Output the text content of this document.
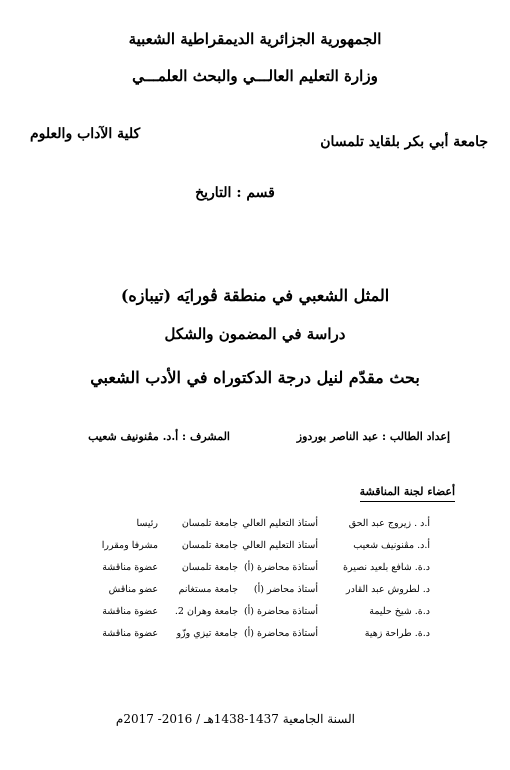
الجمهورية الجزائرية الديمقراطية الشعبية
وزارة التعليم العالـــي والبحث العلمـــي
جامعة أبي بكر بلقايد تلمسان
كلية الآداب والعلوم
قسم : التاريخ
المثل الشعبي في منطقة ڤورايَه (تيبازه)
دراسة في المضمون والشكل
بحث مقدّم لنيل درجة الدكتوراه في الأدب الشعبي
إعداد الطالب : عبد الناصر بوردوز
المشرف : أ.د. مڤنونيف شعيب
أعضاء لجنة المناقشة
أ.د . زيروج عبد الحق
أستاذ التعليم العالي
جامعة تلمسان
رئيسا
أ.د. مڤنونيف شعيب
أستاذ التعليم العالي
جامعة تلمسان
مشرفا ومقررا
د.ة. شافع بلعيد نصيرة
أستاذة محاضرة (أ)
جامعة تلمسان
عضوة مناقشة
د. لطروش عبد القادر
أستاذ محاضر (أ)
جامعة مستغانم
عضو مناقش
د.ة. شيخ حليمة
أستاذة محاضرة (أ)
جامعة وهران 2.
عضوة مناقشة
د.ة. طراحة زهية
أستاذة محاضرة (أ)
جامعة تيزي وزّو
عضوة مناقشة
السنة الجامعية 1437-1438هـ / 2016- 2017م
